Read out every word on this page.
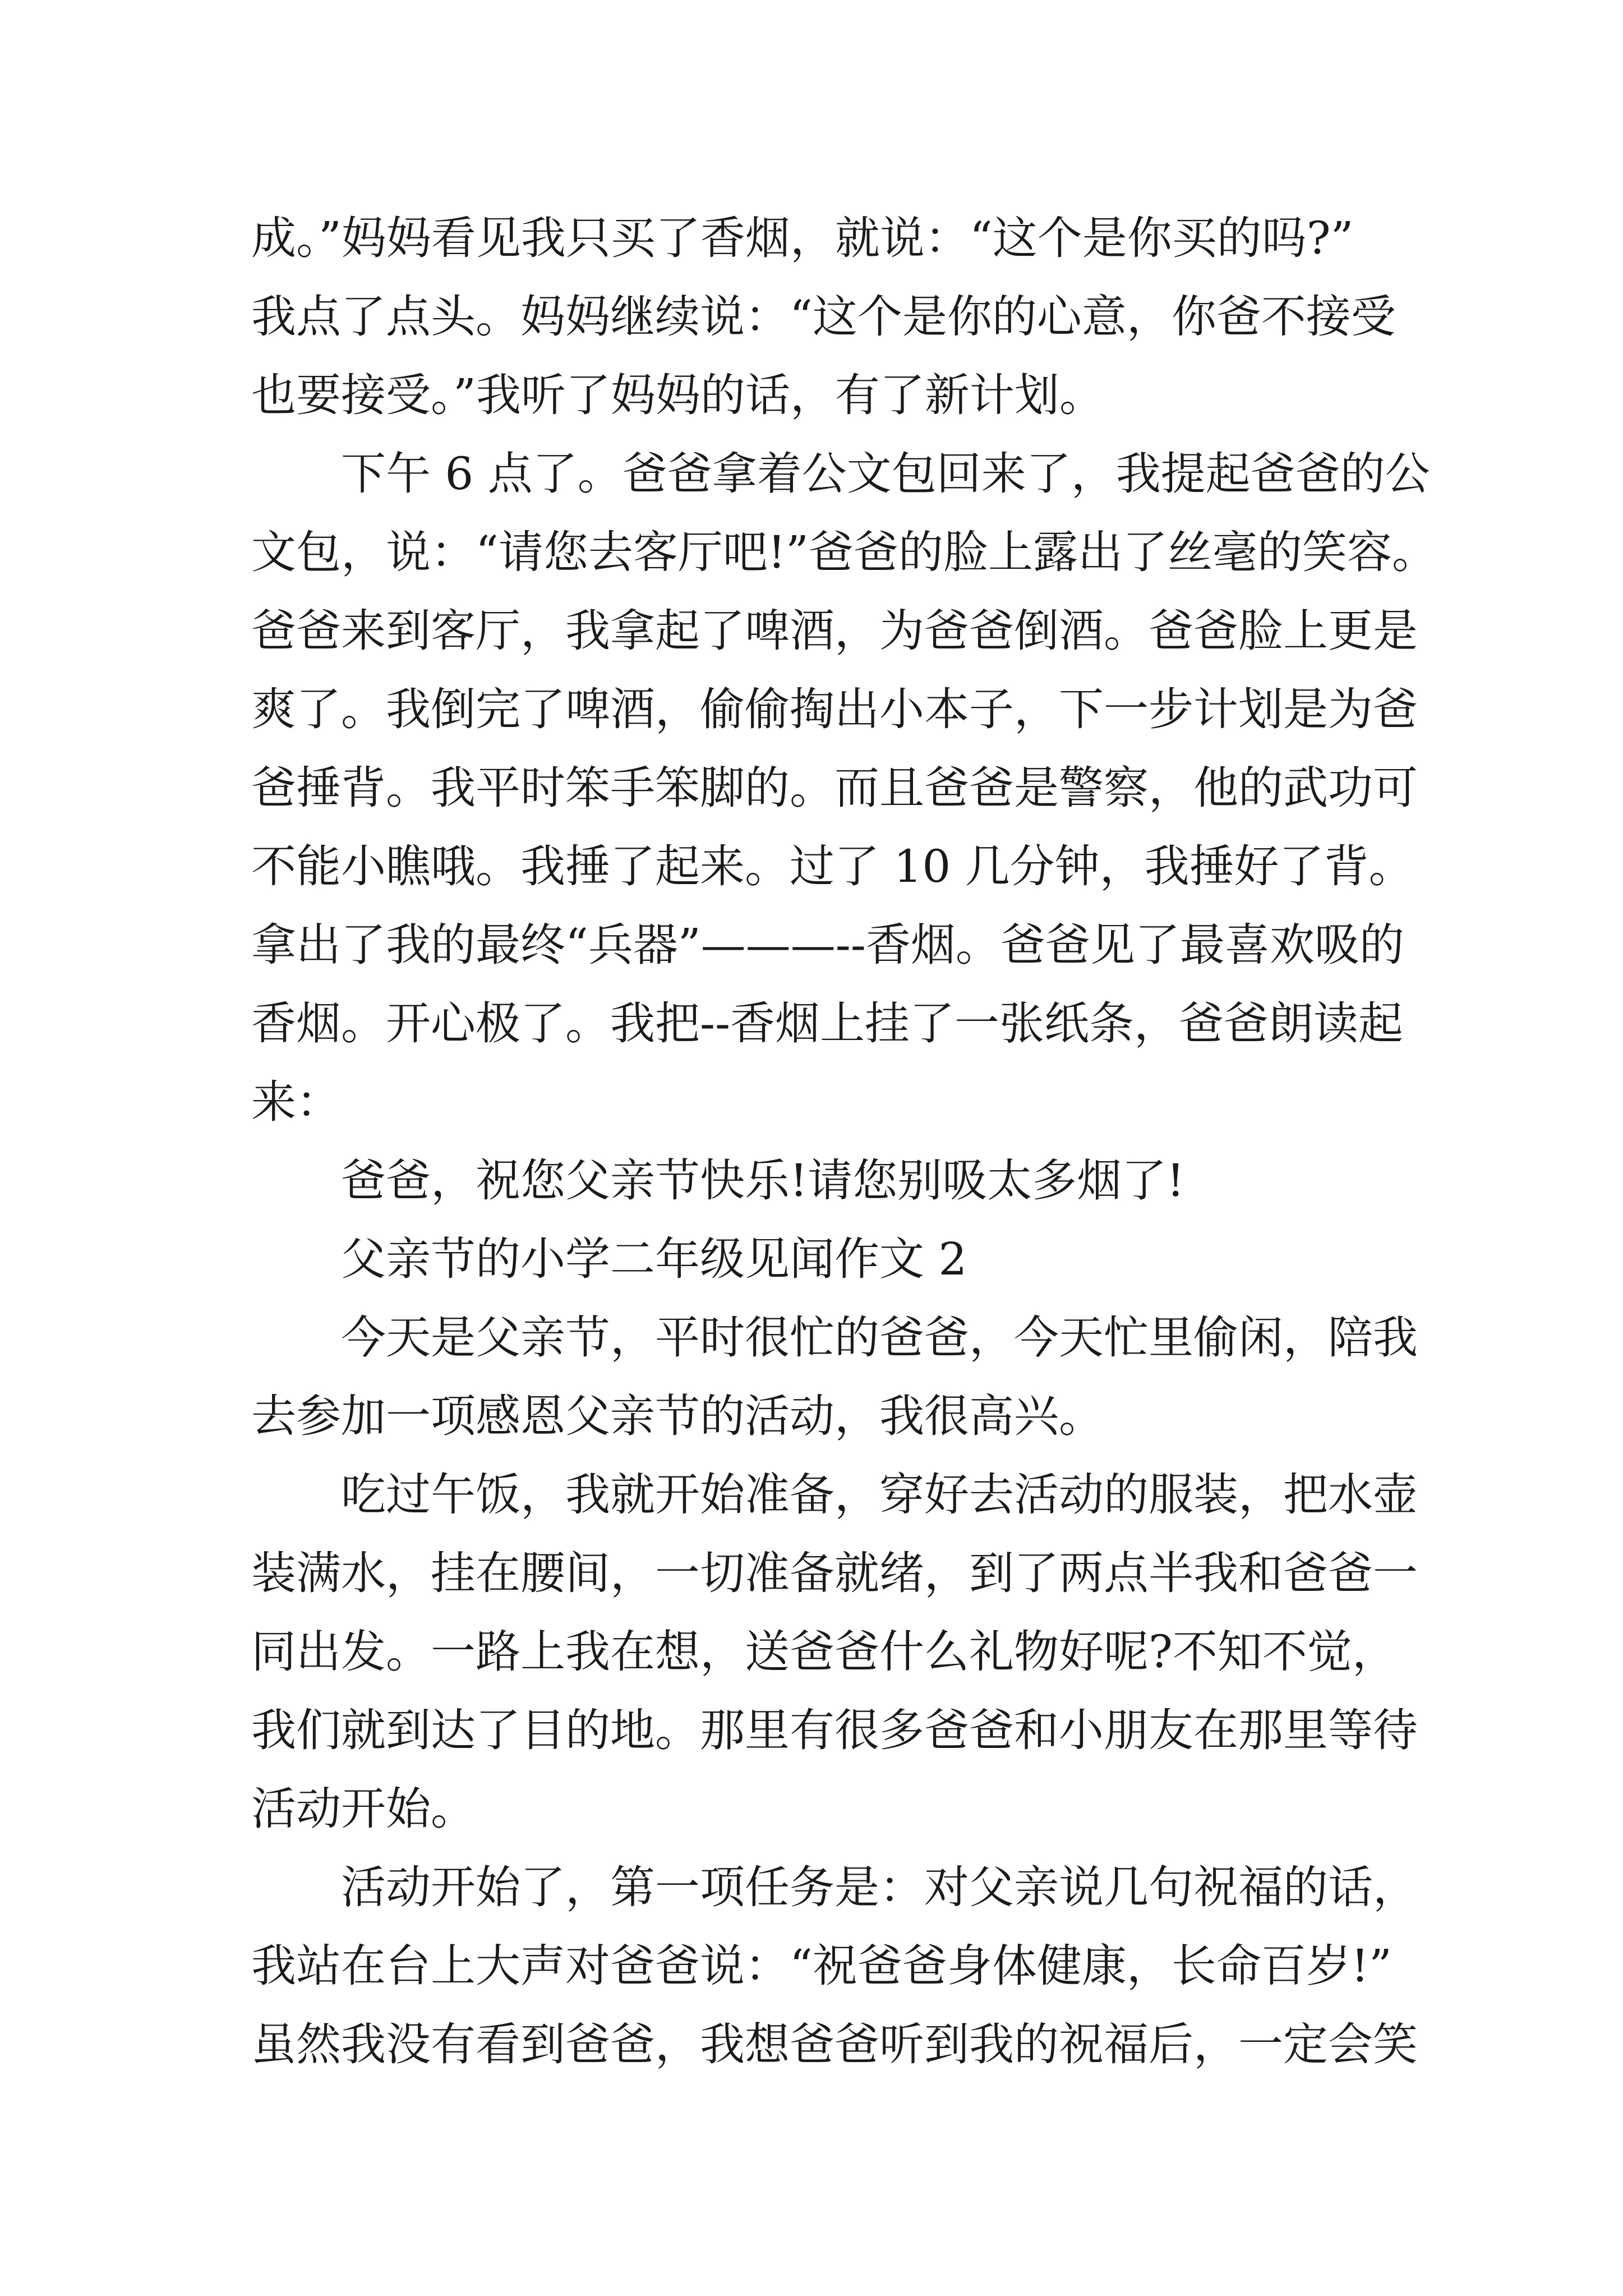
成。”妈妈看见我只买了香烟，就说：“这个是你买的吗?”
我点了点头。妈妈继续说：“这个是你的心意，你爸不接受
也要接受。”我听了妈妈的话，有了新计划。
下午 6 点了。爸爸拿着公文包回来了，我提起爸爸的公
文包，说：“请您去客厅吧!”爸爸的脸上露出了丝毫的笑容。
爸爸来到客厅，我拿起了啤酒，为爸爸倒酒。爸爸脸上更是
爽了。我倒完了啤酒，偷偷掏出小本子，下一步计划是为爸
爸捶背。我平时笨手笨脚的。而且爸爸是警察，他的武功可
不能小瞧哦。我捶了起来。过了 10 几分钟，我捶好了背。
拿出了我的最终“兵器”———--香烟。爸爸见了最喜欢吸的
香烟。开心极了。我把--香烟上挂了一张纸条，爸爸朗读起
来：
爸爸，祝您父亲节快乐!请您别吸太多烟了!
父亲节的小学二年级见闻作文 2
今天是父亲节，平时很忙的爸爸，今天忙里偷闲，陪我
去参加一项感恩父亲节的活动，我很高兴。
吃过午饭，我就开始准备，穿好去活动的服装，把水壶
装满水，挂在腰间，一切准备就绪，到了两点半我和爸爸一
同出发。一路上我在想，送爸爸什么礼物好呢?不知不觉，
我们就到达了目的地。那里有很多爸爸和小朋友在那里等待
活动开始。
活动开始了，第一项任务是：对父亲说几句祝福的话，
我站在台上大声对爸爸说：“祝爸爸身体健康，长命百岁!”
虽然我没有看到爸爸，我想爸爸听到我的祝福后，一定会笑
